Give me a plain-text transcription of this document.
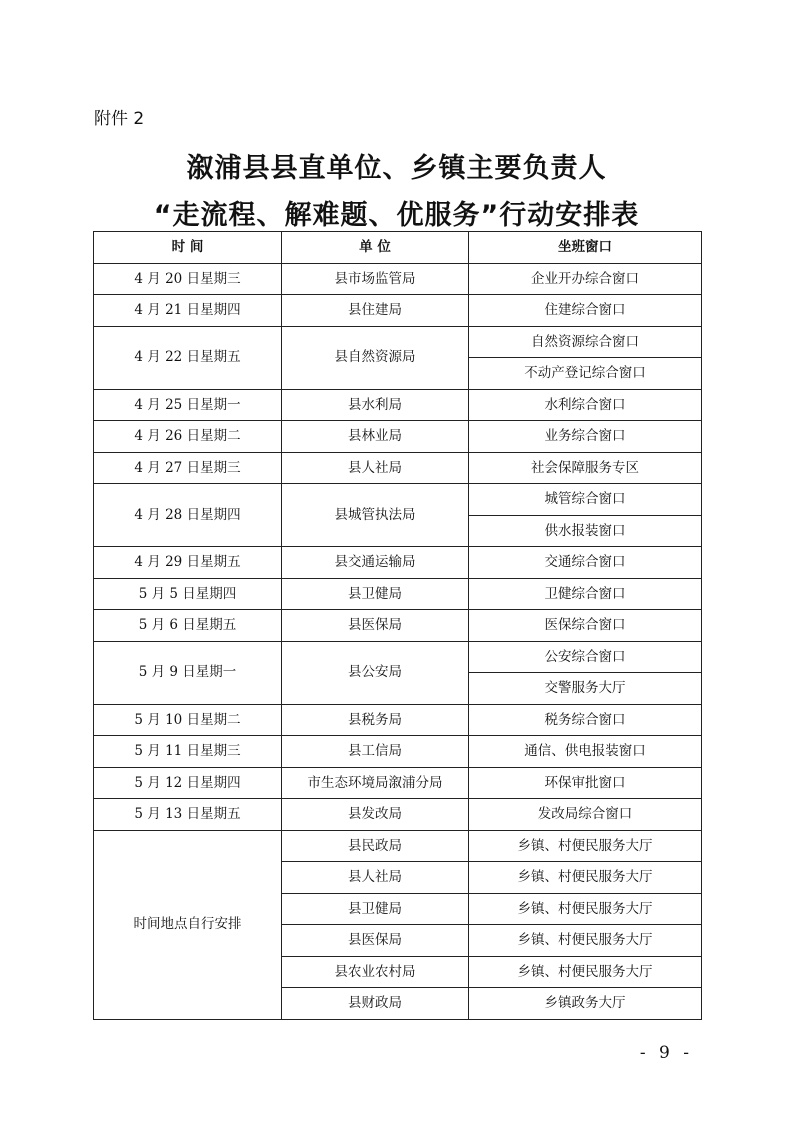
附件 2
溆浦县县直单位、乡镇主要负责人
“走流程、解难题、优服务”行动安排表
时 间	单 位	坐班窗口
4 月 20 日星期三	县市场监管局	企业开办综合窗口
4 月 21 日星期四	县住建局	住建综合窗口
4 月 22 日星期五	县自然资源局	自然资源综合窗口
		不动产登记综合窗口
4 月 25 日星期一	县水利局	水利综合窗口
4 月 26 日星期二	县林业局	业务综合窗口
4 月 27 日星期三	县人社局	社会保障服务专区
4 月 28 日星期四	县城管执法局	城管综合窗口
		供水报装窗口
4 月 29 日星期五	县交通运输局	交通综合窗口
5 月 5 日星期四	县卫健局	卫健综合窗口
5 月 6 日星期五	县医保局	医保综合窗口
5 月 9 日星期一	县公安局	公安综合窗口
		交警服务大厅
5 月 10 日星期二	县税务局	税务综合窗口
5 月 11 日星期三	县工信局	通信、供电报装窗口
5 月 12 日星期四	市生态环境局溆浦分局	环保审批窗口
5 月 13 日星期五	县发改局	发改局综合窗口
时间地点自行安排	县民政局	乡镇、村便民服务大厅
	县人社局	乡镇、村便民服务大厅
	县卫健局	乡镇、村便民服务大厅
	县医保局	乡镇、村便民服务大厅
	县农业农村局	乡镇、村便民服务大厅
	县财政局	乡镇政务大厅
- 9 -
